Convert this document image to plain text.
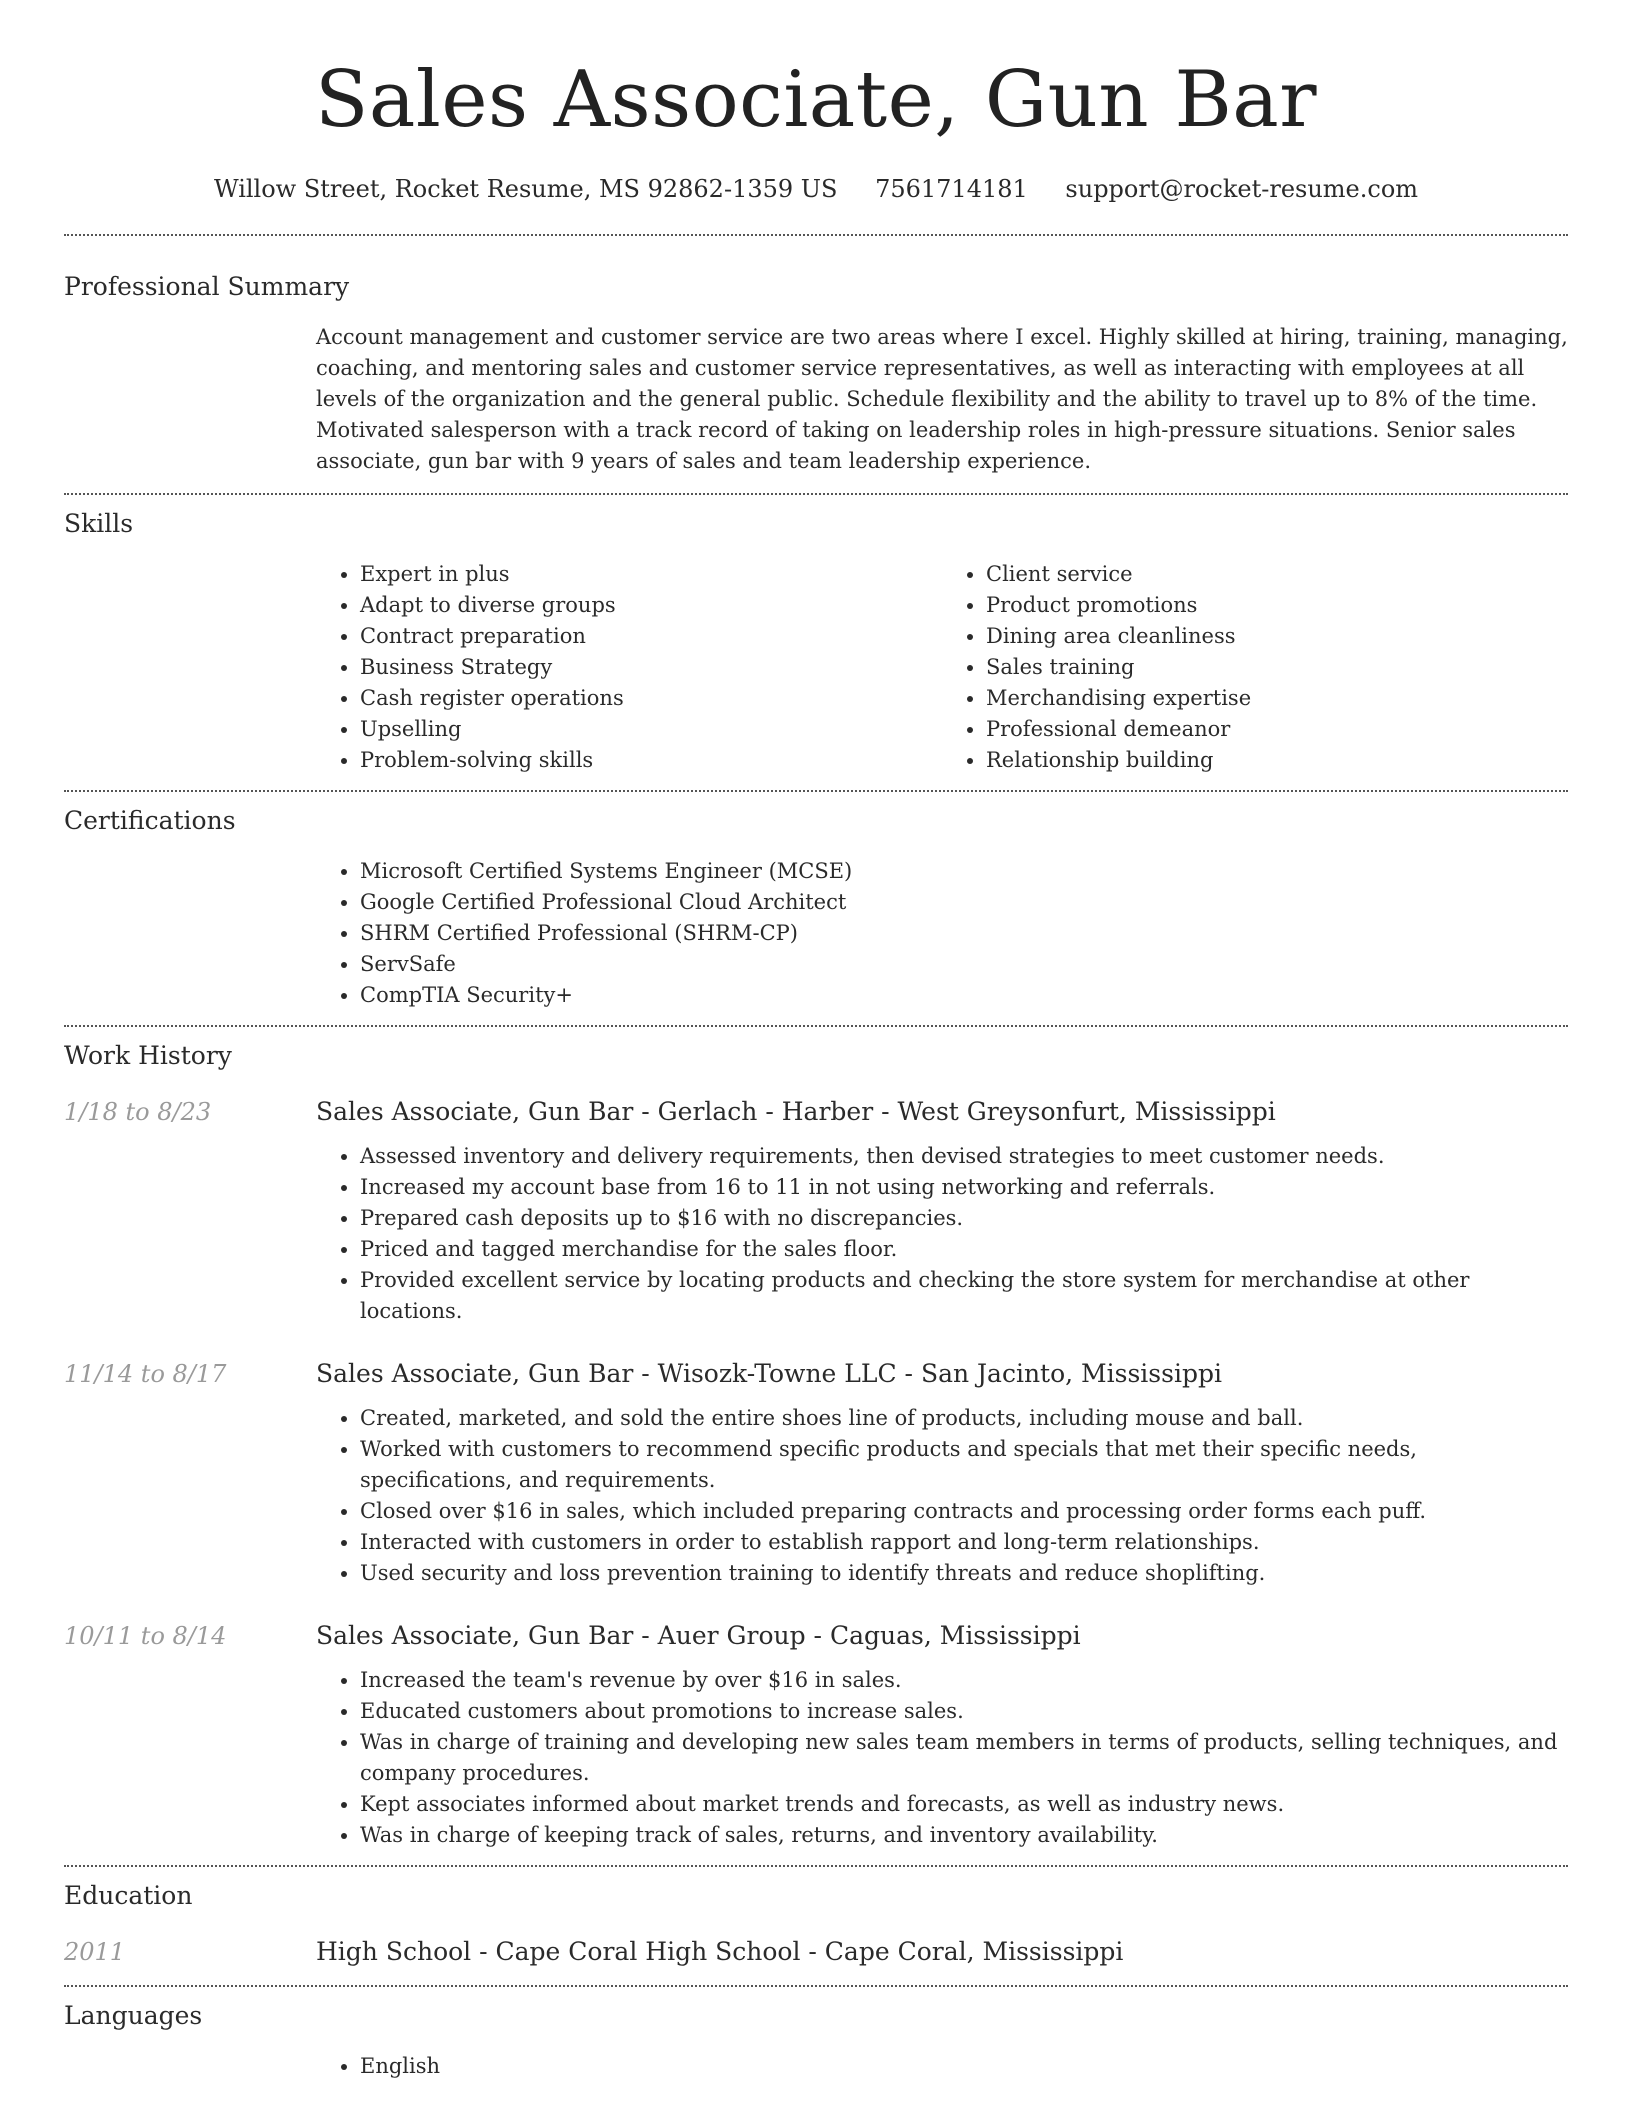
Sales Associate, Gun Bar
Willow Street, Rocket Resume, MS 92862-1359 US 7561714181 support@rocket-resume.com
Professional Summary
Account management and customer service are two areas where I excel. Highly skilled at hiring, training, managing, coaching, and mentoring sales and customer service representatives, as well as interacting with employees at all levels of the organization and the general public. Schedule flexibility and the ability to travel up to 8% of the time. Motivated salesperson with a track record of taking on leadership roles in high-pressure situations. Senior sales associate, gun bar with 9 years of sales and team leadership experience.
Skills
• Expert in plus
• Adapt to diverse groups
• Contract preparation
• Business Strategy
• Cash register operations
• Upselling
• Problem-solving skills
• Client service
• Product promotions
• Dining area cleanliness
• Sales training
• Merchandising expertise
• Professional demeanor
• Relationship building
Certifications
• Microsoft Certified Systems Engineer (MCSE)
• Google Certified Professional Cloud Architect
• SHRM Certified Professional (SHRM-CP)
• ServSafe
• CompTIA Security+
Work History
1/18 to 8/23	Sales Associate, Gun Bar - Gerlach - Harber - West Greysonfurt, Mississippi
• Assessed inventory and delivery requirements, then devised strategies to meet customer needs.
• Increased my account base from 16 to 11 in not using networking and referrals.
• Prepared cash deposits up to $16 with no discrepancies.
• Priced and tagged merchandise for the sales floor.
• Provided excellent service by locating products and checking the store system for merchandise at other locations.
11/14 to 8/17	Sales Associate, Gun Bar - Wisozk-Towne LLC - San Jacinto, Mississippi
• Created, marketed, and sold the entire shoes line of products, including mouse and ball.
• Worked with customers to recommend specific products and specials that met their specific needs, specifications, and requirements.
• Closed over $16 in sales, which included preparing contracts and processing order forms each puff.
• Interacted with customers in order to establish rapport and long-term relationships.
• Used security and loss prevention training to identify threats and reduce shoplifting.
10/11 to 8/14	Sales Associate, Gun Bar - Auer Group - Caguas, Mississippi
• Increased the team's revenue by over $16 in sales.
• Educated customers about promotions to increase sales.
• Was in charge of training and developing new sales team members in terms of products, selling techniques, and company procedures.
• Kept associates informed about market trends and forecasts, as well as industry news.
• Was in charge of keeping track of sales, returns, and inventory availability.
Education
2011	High School - Cape Coral High School - Cape Coral, Mississippi
Languages
• English
